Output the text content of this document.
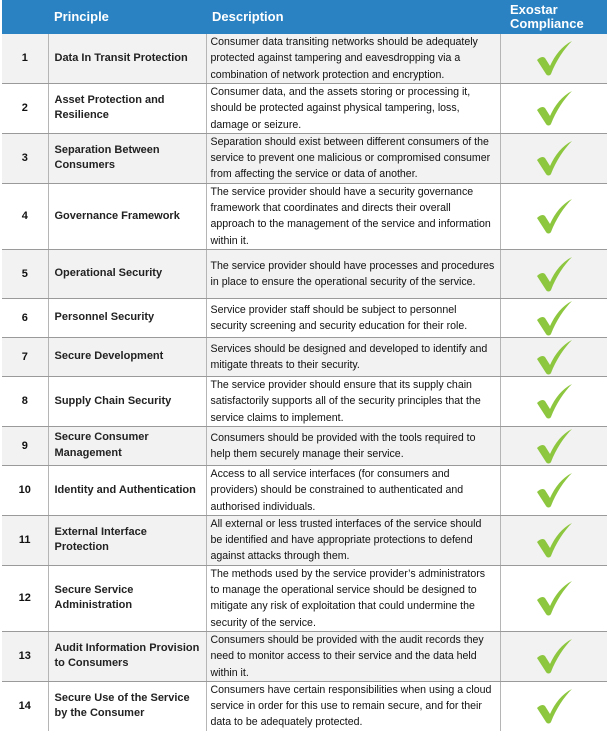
	Principle	Description	Exostar Compliance
1	Data In Transit Protection	Consumer data transiting networks should be adequately protected against tampering and eavesdropping via a combination of network protection and encryption.	
2	Asset Protection and Resilience	Consumer data, and the assets storing or processing it, should be protected against physical tampering, loss, damage or seizure.	
3	Separation Between Consumers	Separation should exist between different consumers of the service to prevent one malicious or compromised consumer from affecting the service or data of another.	
4	Governance Framework	The service provider should have a security governance framework that coordinates and directs their overall approach to the management of the service and information within it.	
5	Operational Security	The service provider should have processes and procedures in place to ensure the operational security of the service.	
6	Personnel Security	Service provider staff should be subject to personnel security screening and security education for their role.	
7	Secure Development	Services should be designed and developed to identify and mitigate threats to their security.	
8	Supply Chain Security	The service provider should ensure that its supply chain satisfactorily supports all of the security principles that the service claims to implement.	
9	Secure Consumer Management	Consumers should be provided with the tools required to help them securely manage their service.	
10	Identity and Authentication	Access to all service interfaces (for consumers and providers) should be constrained to authenticated and authorised individuals.	
11	External Interface Protection	All external or less trusted interfaces of the service should be identified and have appropriate protections to defend against attacks through them.	
12	Secure Service Administration	The methods used by the service provider’s administrators to manage the operational service should be designed to mitigate any risk of exploitation that could undermine the security of the service.	
13	Audit Information Provision to Consumers	Consumers should be provided with the audit records they need to monitor access to their service and the data held within it.	
14	Secure Use of the Service by the Consumer	Consumers have certain responsibilities when using a cloud service in order for this use to remain secure, and for their data to be adequately protected.	
